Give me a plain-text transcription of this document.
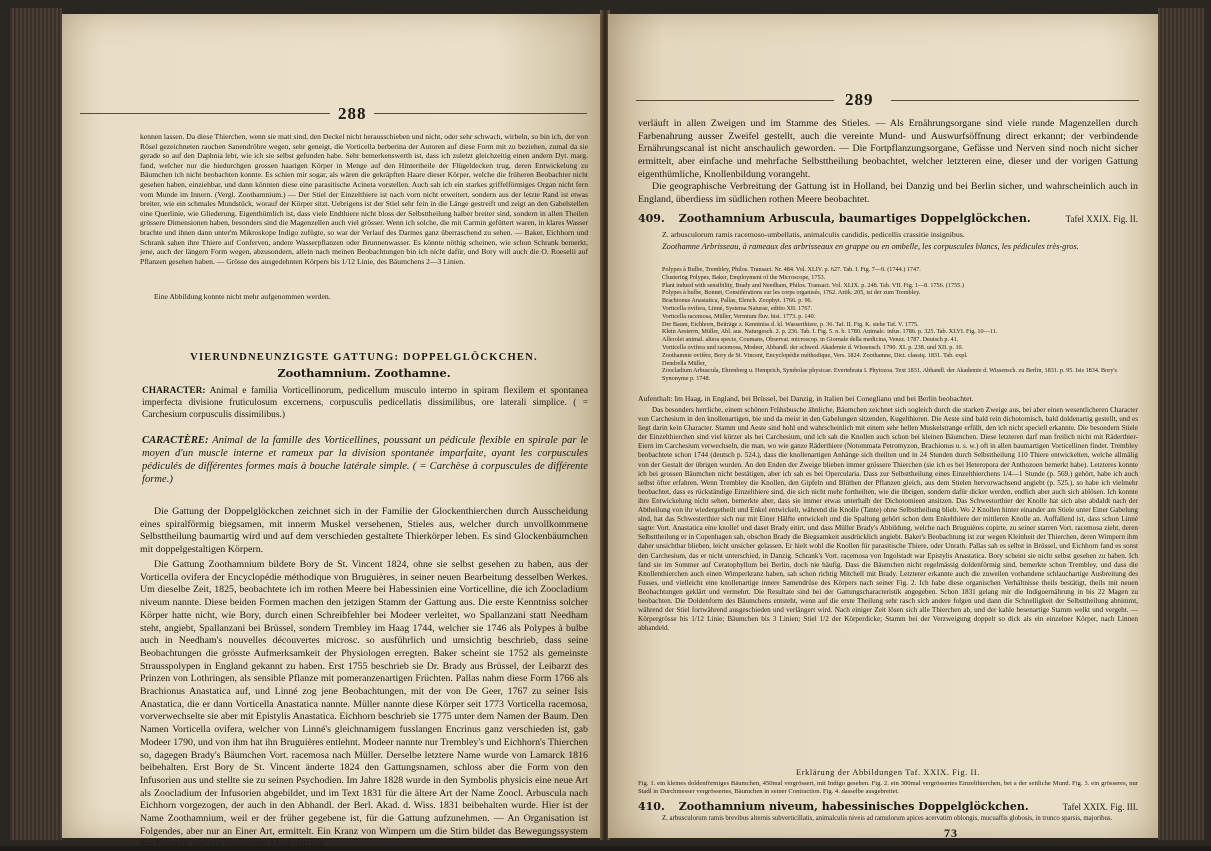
288
kennen lassen. Da diese Thierchen, wenn sie matt sind, den Deckel nicht herausschieben und nicht, oder sehr schwach, wirbeln, so bin ich, der von Rösel gezeichneten rauchen Sanendröhre wegen, sehr geneigt, die Vorticella berberina der Autoren auf diese Form mit zu beziehen, zumal da sie gerade so auf den Daphnia lebt, wie ich sie selbst gefunden habe. Sehr bemerkenswerth ist, dass ich zuletzt gleichzeitig einen andern Dyt. marg. fand, welcher nur die hiedurchgen grossen haarigen Körper in Menge auf den Hintertheile der Flügeldecken trug, deren Entwickelung zu Bäumchen ich nicht beobachten konnte. Es schien mir sogar, als wären die gekräpften Haare dieser Körper, welche die früheren Beobachter nicht gesehen haben, einziehbar, und dann könnten diese eine parasitische Acineta vorstellen. Auch sah ich ein starkes griffelförmiges Organ nicht fern vom Munde im Innern. (Vergl. Zoothamnium.) — Der Stiel der Einzelthiere ist nach vorn nicht erweitert, sondern aus der letzte Rand ist etwas breiter, wie ein schmales Mundstück, worauf der Körper sitzt. Uebrigens ist der Stiel sehr fein in die Länge gestreift und zeigt an den Gabelstellen eine Querlinie, wie Gliederung. Eigenthümlich ist, dass viele Endthiere nicht bloss der Selbsttheilung halber breiter sind, sondern in allen Theilen grössere Dimensionen haben, besonders sind die Magenzellen auch viel grösser. Wenn ich solche, die mit Carmin gefüttert waren, in klares Wasser brachte und ihnen dann unter'm Mikroskope Indigo zufügte, so war der Verlauf des Darmes ganz überraschend zu sehen. — Baker, Eichhorn und Schrank sahen ihre Thiere auf Conferven, andere Wasserpflanzen oder Brunnenwasser. Es könnte nöthig scheinen, wie schon Schrank bemerkt, jene, auch der längern Form wegen, abzusondern, allein nach meinen Beobachtungen bin ich nicht dafür, und Bory will auch die O. Roeselii auf Pflanzen gesehen haben. — Grösse des ausgedehnten Körpers bis 1/12 Linie, des Bäumchens 2—3 Linien.
Eine Abbildung konnte nicht mehr aufgenommen werden.
VIERUNDNEUNZIGSTE GATTUNG: DOPPELGLÖCKCHEN.
Zoothamnium. Zoothamne.
CHARACTER: Animal e familia Vorticellinorum, pedicellum musculo interno in spiram flexilem et spontanea imperfecta divisione fruticulosum excernens, corpusculis pedicellatis dissimilibus, ore laterali simplice. ( = Carchesium corpusculis dissimilibus.)
CARACTÈRE: Animal de la famille des Vorticellines, poussant un pédicule flexible en spirale par le moyen d'un muscle interne et rameux par la division spontanée imparfaite, ayant les corpuscules pédiculés de différentes formes mais à bouche latérale simple. ( = Carchèse à corpuscules de différente forme.)
Die Gattung der Doppelglöckchen zeichnet sich in der Familie der Glockenthierchen durch Ausscheidung eines spiralförmig biegsamen, mit innerm Muskel versehenen, Stieles aus, welcher durch unvollkommene Selbsttheilung baumartig wird und auf dem verschieden gestaltete Thierkörper leben. Es sind Glockenbäumchen mit doppelgestaltigen Körpern.
Die Gattung Zoothamnium bildete Bory de St. Vincent 1824, ohne sie selbst gesehen zu haben, aus der Vorticella ovifera der Encyclopédie méthodique von Bruguières, in seiner neuen Bearbeitung desselben Werkes. Um dieselbe Zeit, 1825, beobachtete ich im rothen Meere bei Habessinien eine Vorticelline, die ich Zoocladium niveum nannte. Diese beiden Formen machen den jetzigen Stamm der Gattung aus. Die erste Kenntniss solcher Körper hatte nicht, wie Bory, durch einen Schreibfehler bei Modeer verleitet, wo Spallanzani statt Needham steht, angiebt, Spallanzani bei Brüssel, sondern Trembley im Haag 1744, welcher sie 1746 als Polypes à bulbe auch in Needham's nouvelles découvertes microsc. so ausführlich und umsichtig beschrieb, dass seine Beobachtungen die grösste Aufmerksamkeit der Physiologen erregten. Baker scheint sie 1752 als gemeinste Strausspolypen in England gekannt zu haben. Erst 1755 beschrieb sie Dr. Brady aus Brüssel, der Leibarzt des Prinzen von Lothringen, als sensible Pflanze mit pomeranzenartigen Früchten. Pallas nahm diese Form 1766 als Brachionus Anastatica auf, und Linné zog jene Beobachtungen, mit der von De Geer, 1767 zu seiner Isis Anastatica, die er dann Vorticella Anastatica nannte. Müller nannte diese Körper seit 1773 Vorticella racemosa, vorverwechselte sie aber mit Epistylis Anastatica. Eichhorn beschrieb sie 1775 unter dem Namen der Baum. Den Namen Vorticella ovifera, welcher von Linné's gleichnamigem fusslangen Encrinus ganz verschieden ist, gab Modeer 1790, und von ihm hat ihn Bruguières entlehnt. Modeer nannte nur Trembley's und Eichhorn's Thierchen so, dagegen Brady's Bäumchen Vort. racemosa nach Müller. Derselbe letztere Name wurde von Lamarck 1816 beibehalten. Erst Bory de St. Vincent änderte 1824 den Gattungsnamen, schloss aber die Form von den Infusorien aus und stellte sie zu seinen Psychodien. Im Jahre 1828 wurde in den Symbolis physicis eine neue Art als Zoocladium der Infusorien abgebildet, und im Text 1831 für die ältere Art der Name Zoocl. Arbuscula nach Eichhorn vorgezogen, der auch in den Abhandl. der Berl. Akad. d. Wiss. 1831 beibehalten wurde. Hier ist der Name Zoothamnium, weil er der früher gegebene ist, für die Gattung aufzunehmen. — An Organisation ist Folgendes, aber nur an Einer Art, ermittelt. Ein Kranz von Wimpern um die Stirn bildet das Bewegungssystem des Körpers, und ein besonderer Muskelstrang
289
verläuft in allen Zweigen und im Stamme des Stieles. — Als Ernährungsorgane sind viele runde Magenzellen durch Farbenahrung ausser Zweifel gestellt, auch die vereinte Mund- und Auswurfsöffnung direct erkannt; der verbindende Ernährungscanal ist nicht anschaulich geworden. — Die Fortpflanzungsorgane, Gefässe und Nerven sind noch nicht sicher ermittelt, aber einfache und mehrfache Selbsttheilung beobachtet, welcher letzteren eine, dieser und der vorigen Gattung eigenthümliche, Knollenbildung vorangeht.
Die geographische Verbreitung der Gattung ist in Holland, bei Danzig und bei Berlin sicher, und wahrscheinlich auch in England, überdiess im südlichen rothen Meere beobachtet.
409. Zoothamnium Arbuscula, baumartiges Doppelglöckchen.	Tafel XXIX. Fig. II.
Z. arbusculorum ramis racemoso-umbellatis, animalculis candidis, pedicellis crassitie insignibus.
Zoothamne Arbrisseau, à rameaux des arbrisseaux en grappe ou en ombelle, les corpuscules blancs, les pédicules très-gros.
Polypes à Bulbe, Trembley, Philos. Transact. Nr. 484. Vol. XLIV. p. 627. Tab. I. Fig. 7—9. (1744.) 1747.
Clustering Polypes, Baker, Employment of the Microscope, 1753.
Plant indued with sensibility, Brady and Needham, Philos. Transact. Vol. XLIX. p. 248. Tab. VII. Fig. 1—8. 1756. (1755.)
Polypes à bulbe, Bonnet, Considérations sur les corps organisés, 1762. Artik. 205, ist der zum Trembley.
Brachionus Anastatica, Pallas, Elench. Zoophyt. 1766. p. 96.
Vorticella ovifera, Linné, Systema Naturae, editio XII. 1767.
Vorticella racemosa, Müller, Vermium fluv. hist. 1773. p. 140.
Der Baum, Eichhorn, Beiträge z. Kenntniss d. kl. Wasserthiere, p. 36. Taf. II. Fig. K. siehe Taf. V. 1775.
Klein Aesterrn, Müller, Abl. aus. Naturgesch. 2. p. 236. Tab. I. Fig. 5. n. b. 1780. Animalc. infus. 1786. p. 325. Tab. XLVI. Fig. 10—11.
Allerolei animal. altera specie, Coumans, Observat. microscop. in Giornale della medicina, Venez. 1787. Deutsch p. 41.
Vorticella ovifera und racemosa, Modeer, Abhandl. der schwed. Akademie d. Wissensch. 1790. XI. p. 238. und XII. p. 10.
Zoothamnie ovifère, Bory de St. Vincent, Encyclopédie méthodique, Vers. 1824. Zoothamne, Dict. classiq. 1831. Tab. expl.
Dendrella Müller,
Zoocladium Arbuscula, Ehrenberg u. Hemprich, Symbolae physicae. Evertebrata I. Phytozoa. Text 1831. Abhandl. der Akademie d. Wissensch. zu Berlin, 1831. p. 95. Isis 1834. Bory's Synonyme p. 1748.
Aufenthalt: Im Haag, in England, bei Brüssel, bei Danzig, in Italien bei Conegliano und bei Berlin beobachtet.
Das besonders herrliche, einem schönen Frühsbusche ähnliche, Bäumchen zeichnet sich sogleich durch die starken Zweige aus, bei aber einen wesentlicheren Character von Carchesium in den knollenartigen, bie und da meist in den Gabelungen sitzenden, Kugelthieren. Die Aeste sind bald rein dichotomisch, bald doldenartig gestellt, und es liegt darin kein Character. Stamm und Aeste sind hohl und wahrscheinlich mit einem sehr hellen Muskelstrange erfüllt, den ich nicht speciell erkannte. Die besondern Stiele der Einzelthierchen sind viel kürzer als bei Carchesium, und ich sah die Knollen auch schon bei kleinen Bäumchen. Diese letzteren darf man freilich nicht mit Räderthier-Eiern im Carchesium verwechseln, die man, wo wie ganze Räderthiere (Notommata Petromyzon, Brachionus u. s. w.) oft in allen baumartigen Vorticellinen findet. Trembley beobachtete schon 1744 (deutsch p. 524.), dass die knollenartigen Anhänge sich theilten und in 24 Stunden durch Selbsttheilung 110 Thiere entwickelten, welche allmälig von der Gestalt der übrigen wurden. An den Enden der Zweige blieben immer grössere Thierchen (sie ich es bei Heteropora der Anthozoen bemerkt habe). Letzteres konnte ich bei grossen Bäumchen nicht bestätigen, aber ich sah es bei Opercularia. Dass zur Selbsttheilung eines Einzelthierchens 1/4—1 Stunde (p. 569.) gehört, habe ich auch selbst öfter erfahren. Wenn Trembley die Knollen, den Gipfeln und Blüthen der Pflanzen gleich, aus dem Stielen hervorwachsend angiebt (p. 525.), so habe ich vielmehr beobachtet, dass es rückständige Einzelthiere sind, die sich nicht mehr fortheilten, wie die übrigen, sondern dafür dicker werden, endlich aber auch sich ablösen. Ich konnte ihre Entwickelung nicht sehen, bemerkte aber, dass sie immer etwas unterhalb der Dichotomieen ansitzen. Das Schwestorthier der Knolle hat sich also abdaldt nach der Abtheilung von ihr wiedergetheilt und Enkel entwickelt, während die Knolle (Tante) ohne Selbsttheilung blieb. Wo 2 Knollen hinter einander am Stiele unter Einer Gabelung sind, hat das Schwesterthier sich nur mit Einer Hälfte entwickelt und die Spaltung gehört schon dem Enkelthiere der mittleren Knolle an. Auffallend ist, dass schon Linné sagte: Vort. Anastatica eine knolle! und daset Brady eitirt, und dass Müller Brady's Abbildung, welche nach Bruguières copirte, zu seiner starren Vort. racemosa zieht, deren Selbsttheilung er in Copenhagen sah, obschon Brady die Biegsamkeit ausdrücklich angiebt. Baker's Beobachtung ist zur wegen Kleinheit der Thierchen, deren Wimpern ihm daher unsichtbar blieben, leicht unsicher gelassen. Er hielt wohl die Knollen für parasitische Thiere, oder Unrath. Pallas sah es selbst in Brüssel, und Eichhorn fand es sonst den Carchesium, das er nicht unterschied, in Danzig. Schrank's Vort. racemosa von Ingolstadt war Epistylis Anastatica. Bory scheint sie nicht selbst gesehen zu haben. Ich fand sie im Sommer auf Ceratophyllum bei Berlin, doch nie häufig. Dass die Bäumchen nicht regelmässig doldenförmig sind, bemerkte schon Trembley, und dass die Knollenthierchen auch einen Wimperkranz haben, sah schon richtig Mitchell mit Brady. Letzterer erkannte auch die zuweilen vorhandene schlauchartige Ausbreitung des Fusses, und vielleicht eine knollenartige innere Samendrüse des Körpers nach seiner Fig. 2. Ich habe diese organischen Verhältnisse theils bestätigt, theils mit neuen Beobachtungen geklärt und vermehrt. Die Resultate sind bei der Gattungscharacteristik angegeben. Schon 1831 gelang mir die Indigoernährung in bis 22 Magen zu beobachten. Die Doldenform des Bäumchens entsteht, wenn auf die erste Theilung sehr rasch sich andere folgen und dann die Schnelligkeit der Selbsttheilung abnimmt, während der Stiel fortwährend ausgeschieden und verlängert wird. Nach einiger Zeit lösen sich alle Thierchen ab, und der kahle besenartige Stamm welkt und vergeht. — Körpergrösse bis 1/12 Linie; Bäumchen bis 3 Linien; Stiel 1/2 der Körperdicke; Stamm bei der Verzweigung doppelt so dick als ein einzelner Körper, nach Linnen abhandeld.
Erklärung der Abbildungen Taf. XXIX. Fig. II.
Fig. 1. ein kleines doldenförmiges Bäumchen, 450mal vergrössert, mit Indigo gesehen. Fig. 2. ein 300mal vergrössertes Einzelthierchen, bei a der seitliche Mund. Fig. 3. ein grösseres, nur Stadl in Durchmesser vergrössertes, Bäumchen in seiner Contraction. Fig. 4. dasselbe ausgebreitet.
410. Zoothamnium niveum, habessinisches Doppelglöckchen.	Tafel XXIX. Fig. III.
Z. arbusculorum ramis brevibus alternis subverticillatis, animalculis niveis ad ramulorum apices acervatim oblongis, mucuaffis globosis, in trunco sparsis, majoribus.
73
